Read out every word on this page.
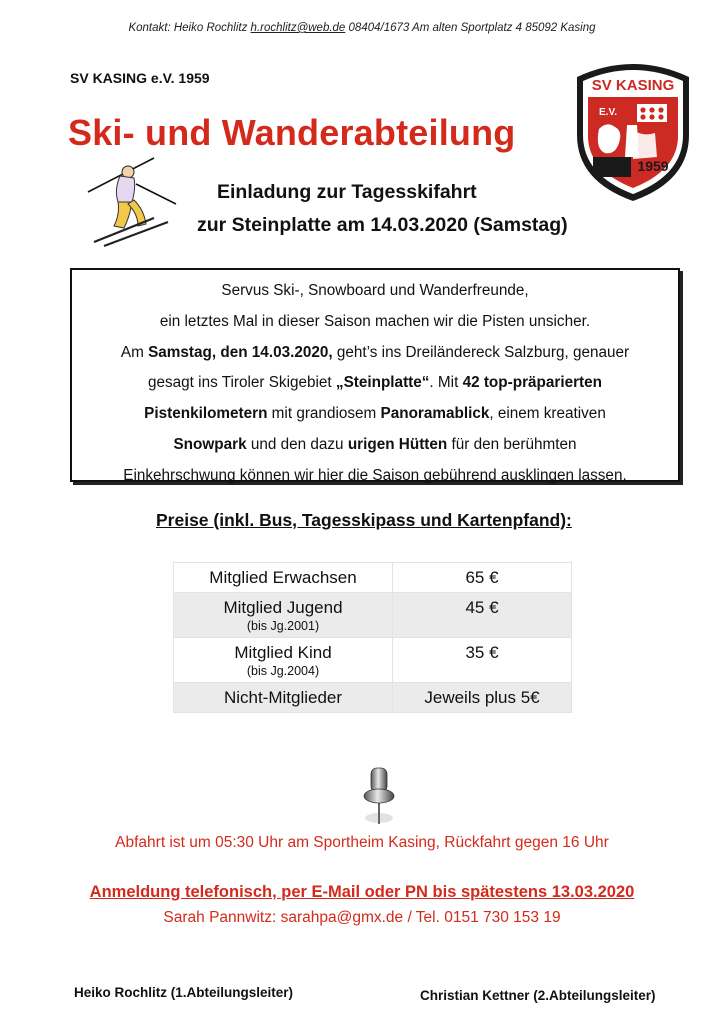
Kontakt: Heiko Rochlitz h.rochlitz@web.de 08404/1673 Am alten Sportplatz 4 85092 Kasing
SV KASING e.V. 1959
Ski- und Wanderabteilung
SV KASING
E.V.
1959
Einladung zur Tagesskifahrt
zur Steinplatte am 14.03.2020 (Samstag)

Servus Ski-, Snowboard und Wanderfreunde,

ein letztes Mal in dieser Saison machen wir die Pisten unsicher.

Am Samstag, den 14.03.2020, geht’s ins Dreiländereck Salzburg, genauer

gesagt ins Tiroler Skigebiet „Steinplatte“. Mit 42 top-präparierten

Pistenkilometern mit grandiosem Panoramablick, einem kreativen

Snowpark und den dazu urigen Hütten für den berühmten

Einkehrschwung können wir hier die Saison gebührend ausklingen lassen.

Preise (inkl. Bus, Tagesskipass und Kartenpfand):
Mitglied Erwachsen	65 €
Mitglied Jugend
(bis Jg.2001)	45 €
Mitglied Kind
(bis Jg.2004)	35 €
Nicht-Mitglieder	Jeweils plus 5€
Abfahrt ist um 05:30 Uhr am Sportheim Kasing, Rückfahrt gegen 16 Uhr
Anmeldung telefonisch, per E-Mail oder PN bis spätestens 13.03.2020
Sarah Pannwitz: sarahpa@gmx.de / Tel. 0151 730 153 19
Heiko Rochlitz (1.Abteilungsleiter)	Christian Kettner (2.Abteilungsleiter)
